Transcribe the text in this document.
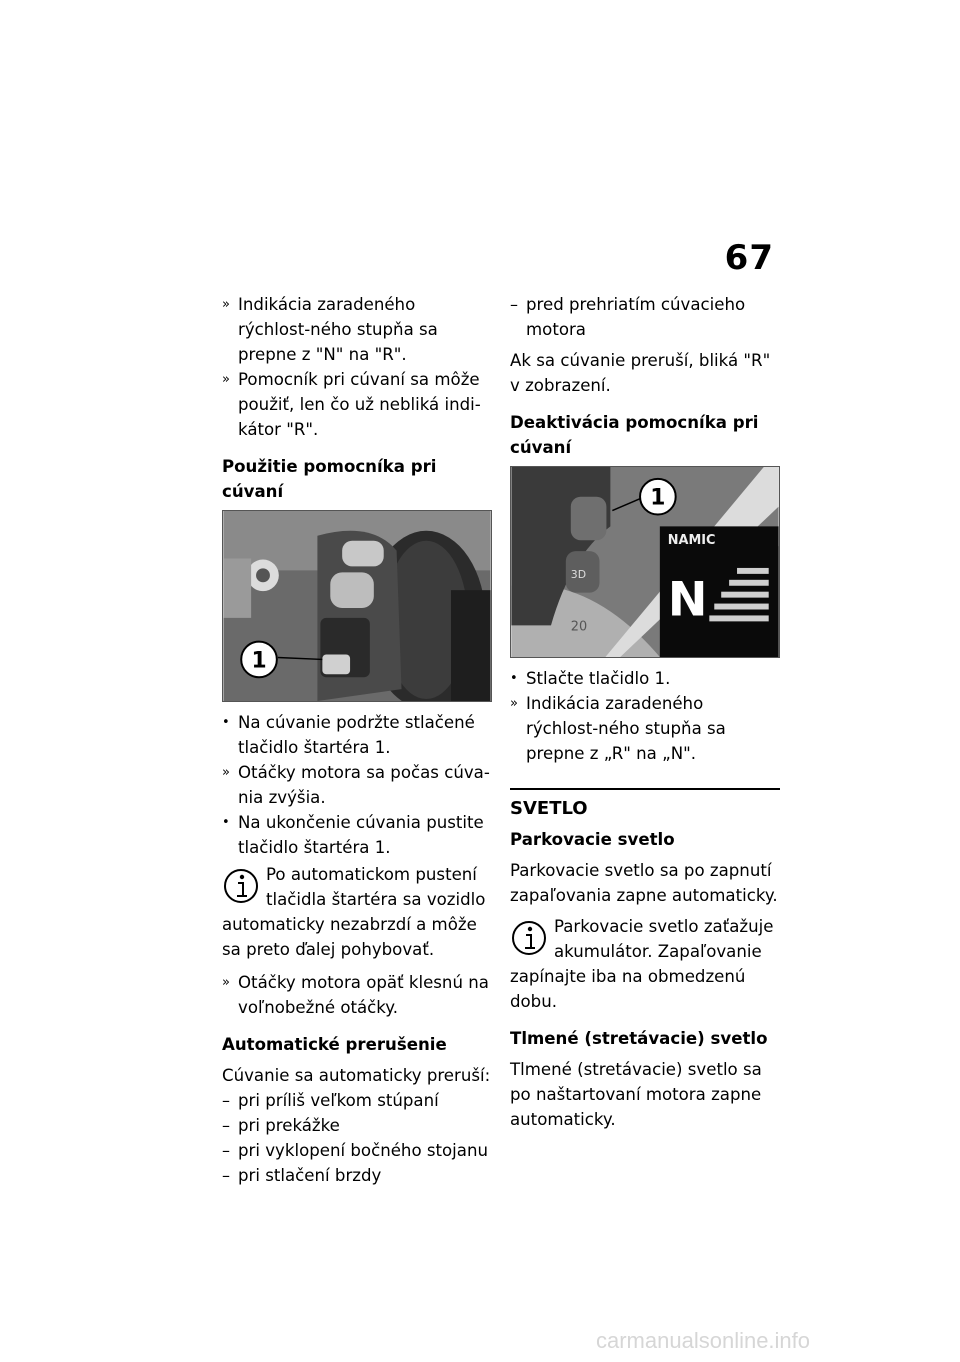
67
» Indikácia zaradeného rýchlost-ného stupňa sa prepne z "N" na "R".
» Pomocník pri cúvaní sa môže použiť, len čo už nebliká indi-kátor "R".
Použitie pomocníka pri cúvaní
1
• Na cúvanie podržte stlačené tlačidlo štartéra 1.
» Otáčky motora sa počas cúva-nia zvýšia.
• Na ukončenie cúvania pustite tlačidlo štartéra 1.

Po automatickom pustení tlačidla štartéra sa vozidlo automaticky nezabrzdí a môže sa preto ďalej pohybovať.

» Otáčky motora opäť klesnú na voľnobežné otáčky.
Automatické prerušenie
Cúvanie sa automaticky preruší:
– pri príliš veľkom stúpaní
– pri prekážke
– pri vyklopení bočného stojanu
– pri stlačení brzdy
– pred prehriatím cúvacieho motora
Ak sa cúvanie preruší, bliká "R" v zobrazení.
Deaktivácia pomocníka pri cúvaní
NAMIC
N
3D
20
1
• Stlačte tlačidlo 1.
» Indikácia zaradeného rýchlost-ného stupňa sa prepne z „R" na „N".
SVETLO
Parkovacie svetlo
Parkovacie svetlo sa po zapnutí zapaľovania zapne automaticky.

Parkovacie svetlo zaťažuje akumulátor. Zapaľovanie zapínajte iba na obmedzenú dobu.

Tlmené (stretávacie) svetlo
Tlmené (stretávacie) svetlo sa po naštartovaní motora zapne automaticky.
carmanualsonline.info
